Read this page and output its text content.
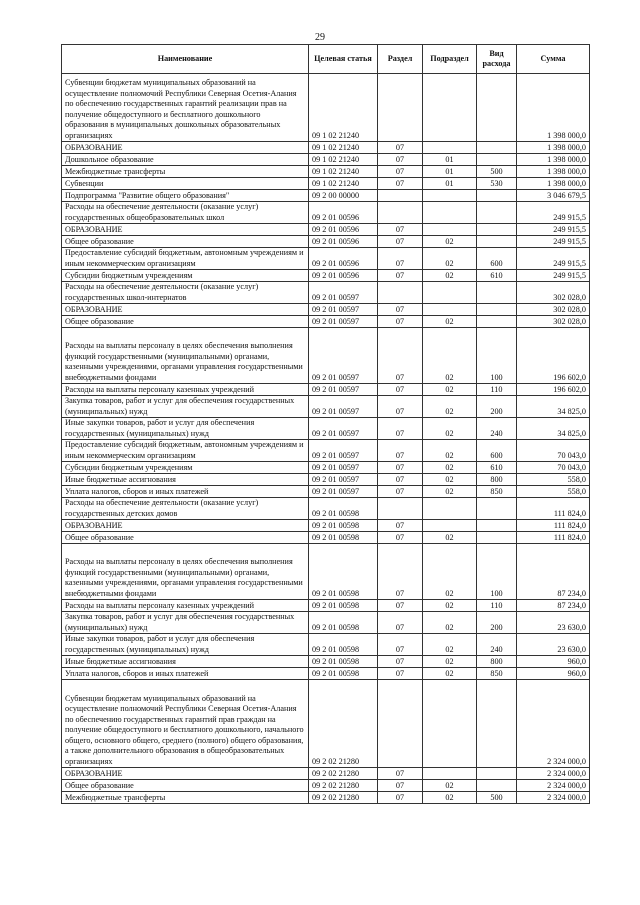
29
Наименование	Целевая статья	Раздел	Подраздел	Вид расхода	Сумма
Субвенции бюджетам муниципальных образований на осуществление полномочий Республики Северная Осетия-Алания по обеспечению государственных гарантий реализации прав на получение общедоступного и бесплатного дошкольного образования в муниципальных дошкольных образовательных организациях	09 1 02 21240				1 398 000,0
ОБРАЗОВАНИЕ	09 1 02 21240	07			1 398 000,0
Дошкольное образование	09 1 02 21240	07	01		1 398 000,0
Межбюджетные трансферты	09 1 02 21240	07	01	500	1 398 000,0
Субвенции	09 1 02 21240	07	01	530	1 398 000,0
Подпрограмма "Развитие общего образования"	09 2 00 00000				3 046 679,5
Расходы на обеспечение деятельности (оказание услуг) государственных общеобразовательных школ	09 2 01 00596				249 915,5
ОБРАЗОВАНИЕ	09 2 01 00596	07			249 915,5
Общее образование	09 2 01 00596	07	02		249 915,5
Предоставление субсидий бюджетным, автономным учреждениям и иным некоммерческим организациям	09 2 01 00596	07	02	600	249 915,5
Субсидии бюджетным учреждениям	09 2 01 00596	07	02	610	249 915,5
Расходы на обеспечение деятельности (оказание услуг) государственных школ-интернатов	09 2 01 00597				302 028,0
ОБРАЗОВАНИЕ	09 2 01 00597	07			302 028,0
Общее образование	09 2 01 00597	07	02		302 028,0
Расходы на выплаты персоналу в целях обеспечения выполнения функций государственными (муниципальными) органами, казенными учреждениями, органами управления государственными внебюджетными фондами	09 2 01 00597	07	02	100	196 602,0
Расходы на выплаты персоналу казенных учреждений	09 2 01 00597	07	02	110	196 602,0
Закупка товаров, работ и услуг для обеспечения государственных (муниципальных) нужд	09 2 01 00597	07	02	200	34 825,0
Иные закупки товаров, работ и услуг для обеспечения государственных (муниципальных) нужд	09 2 01 00597	07	02	240	34 825,0
Предоставление субсидий бюджетным, автономным учреждениям и иным некоммерческим организациям	09 2 01 00597	07	02	600	70 043,0
Субсидии бюджетным учреждениям	09 2 01 00597	07	02	610	70 043,0
Иные бюджетные ассигнования	09 2 01 00597	07	02	800	558,0
Уплата налогов, сборов и иных платежей	09 2 01 00597	07	02	850	558,0
Расходы на обеспечение деятельности (оказание услуг) государственных детских домов	09 2 01 00598				111 824,0
ОБРАЗОВАНИЕ	09 2 01 00598	07			111 824,0
Общее образование	09 2 01 00598	07	02		111 824,0
Расходы на выплаты персоналу в целях обеспечения выполнения функций государственными (муниципальными) органами, казенными учреждениями, органами управления государственными внебюджетными фондами	09 2 01 00598	07	02	100	87 234,0
Расходы на выплаты персоналу казенных учреждений	09 2 01 00598	07	02	110	87 234,0
Закупка товаров, работ и услуг для обеспечения государственных (муниципальных) нужд	09 2 01 00598	07	02	200	23 630,0
Иные закупки товаров, работ и услуг для обеспечения государственных (муниципальных) нужд	09 2 01 00598	07	02	240	23 630,0
Иные бюджетные ассигнования	09 2 01 00598	07	02	800	960,0
Уплата налогов, сборов и иных платежей	09 2 01 00598	07	02	850	960,0
Субвенции бюджетам муниципальных образований на осуществление полномочий Республики Северная Осетия-Алания по обеспечению государственных гарантий прав граждан на получение общедоступного и бесплатного дошкольного, начального общего, основного общего, среднего (полного) общего образования, а также дополнительного образования в общеобразовательных организациях	09 2 02 21280				2 324 000,0
ОБРАЗОВАНИЕ	09 2 02 21280	07			2 324 000,0
Общее образование	09 2 02 21280	07	02		2 324 000,0
Межбюджетные трансферты	09 2 02 21280	07	02	500	2 324 000,0
